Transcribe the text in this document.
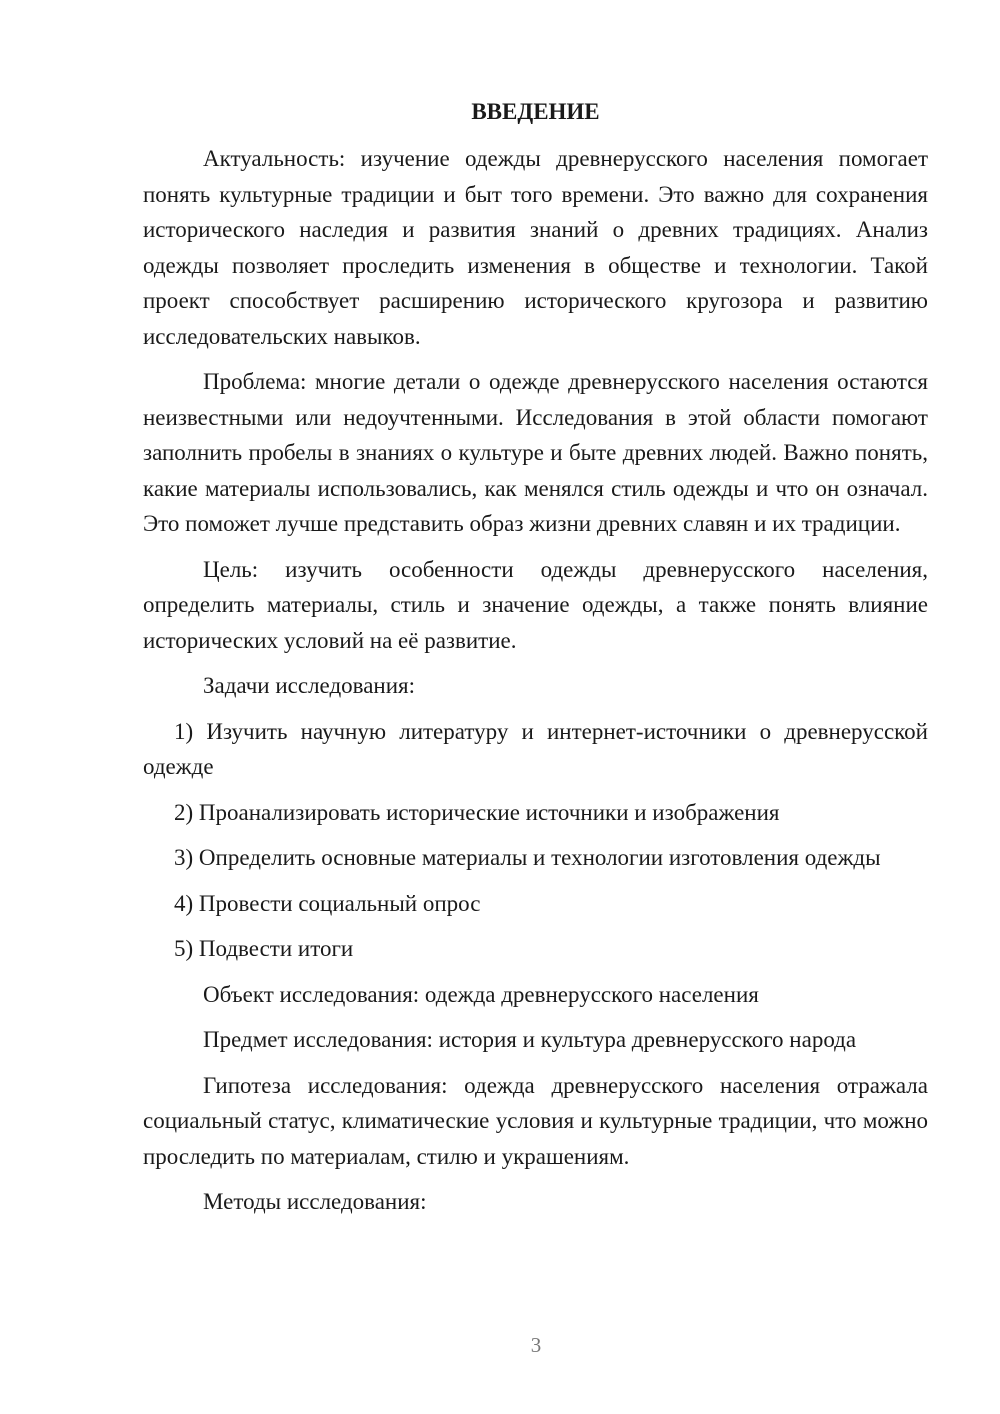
ВВЕДЕНИЕ

Актуальность: изучение одежды древнерусского населения помогает понять культурные традиции и быт того времени. Это важно для сохранения исторического наследия и развития знаний о древних традициях. Анализ одежды позволяет проследить изменения в обществе и технологии. Такой проект способствует расширению исторического кругозора и развитию исследовательских навыков.

Проблема: многие детали о одежде древнерусского населения остаются неизвестными или недоучтенными. Исследования в этой области помогают заполнить пробелы в знаниях о культуре и быте древних людей. Важно понять, какие материалы использовались, как менялся стиль одежды и что он означал. Это поможет лучше представить образ жизни древних славян и их традиции.

Цель: изучить особенности одежды древнерусского населения, определить материалы, стиль и значение одежды, а также понять влияние исторических условий на её развитие.

Задачи исследования:

1) Изучить научную литературу и интернет-источники о древнерусской одежде

2) Проанализировать исторические источники и изображения

3) Определить основные материалы и технологии изготовления одежды

4) Провести социальный опрос

5) Подвести итоги

Объект исследования: одежда древнерусского населения

Предмет исследования: история и культура древнерусского народа

Гипотеза исследования: одежда древнерусского населения отражала социальный статус, климатические условия и культурные традиции, что можно проследить по материалам, стилю и украшениям.

Методы исследования:

3
